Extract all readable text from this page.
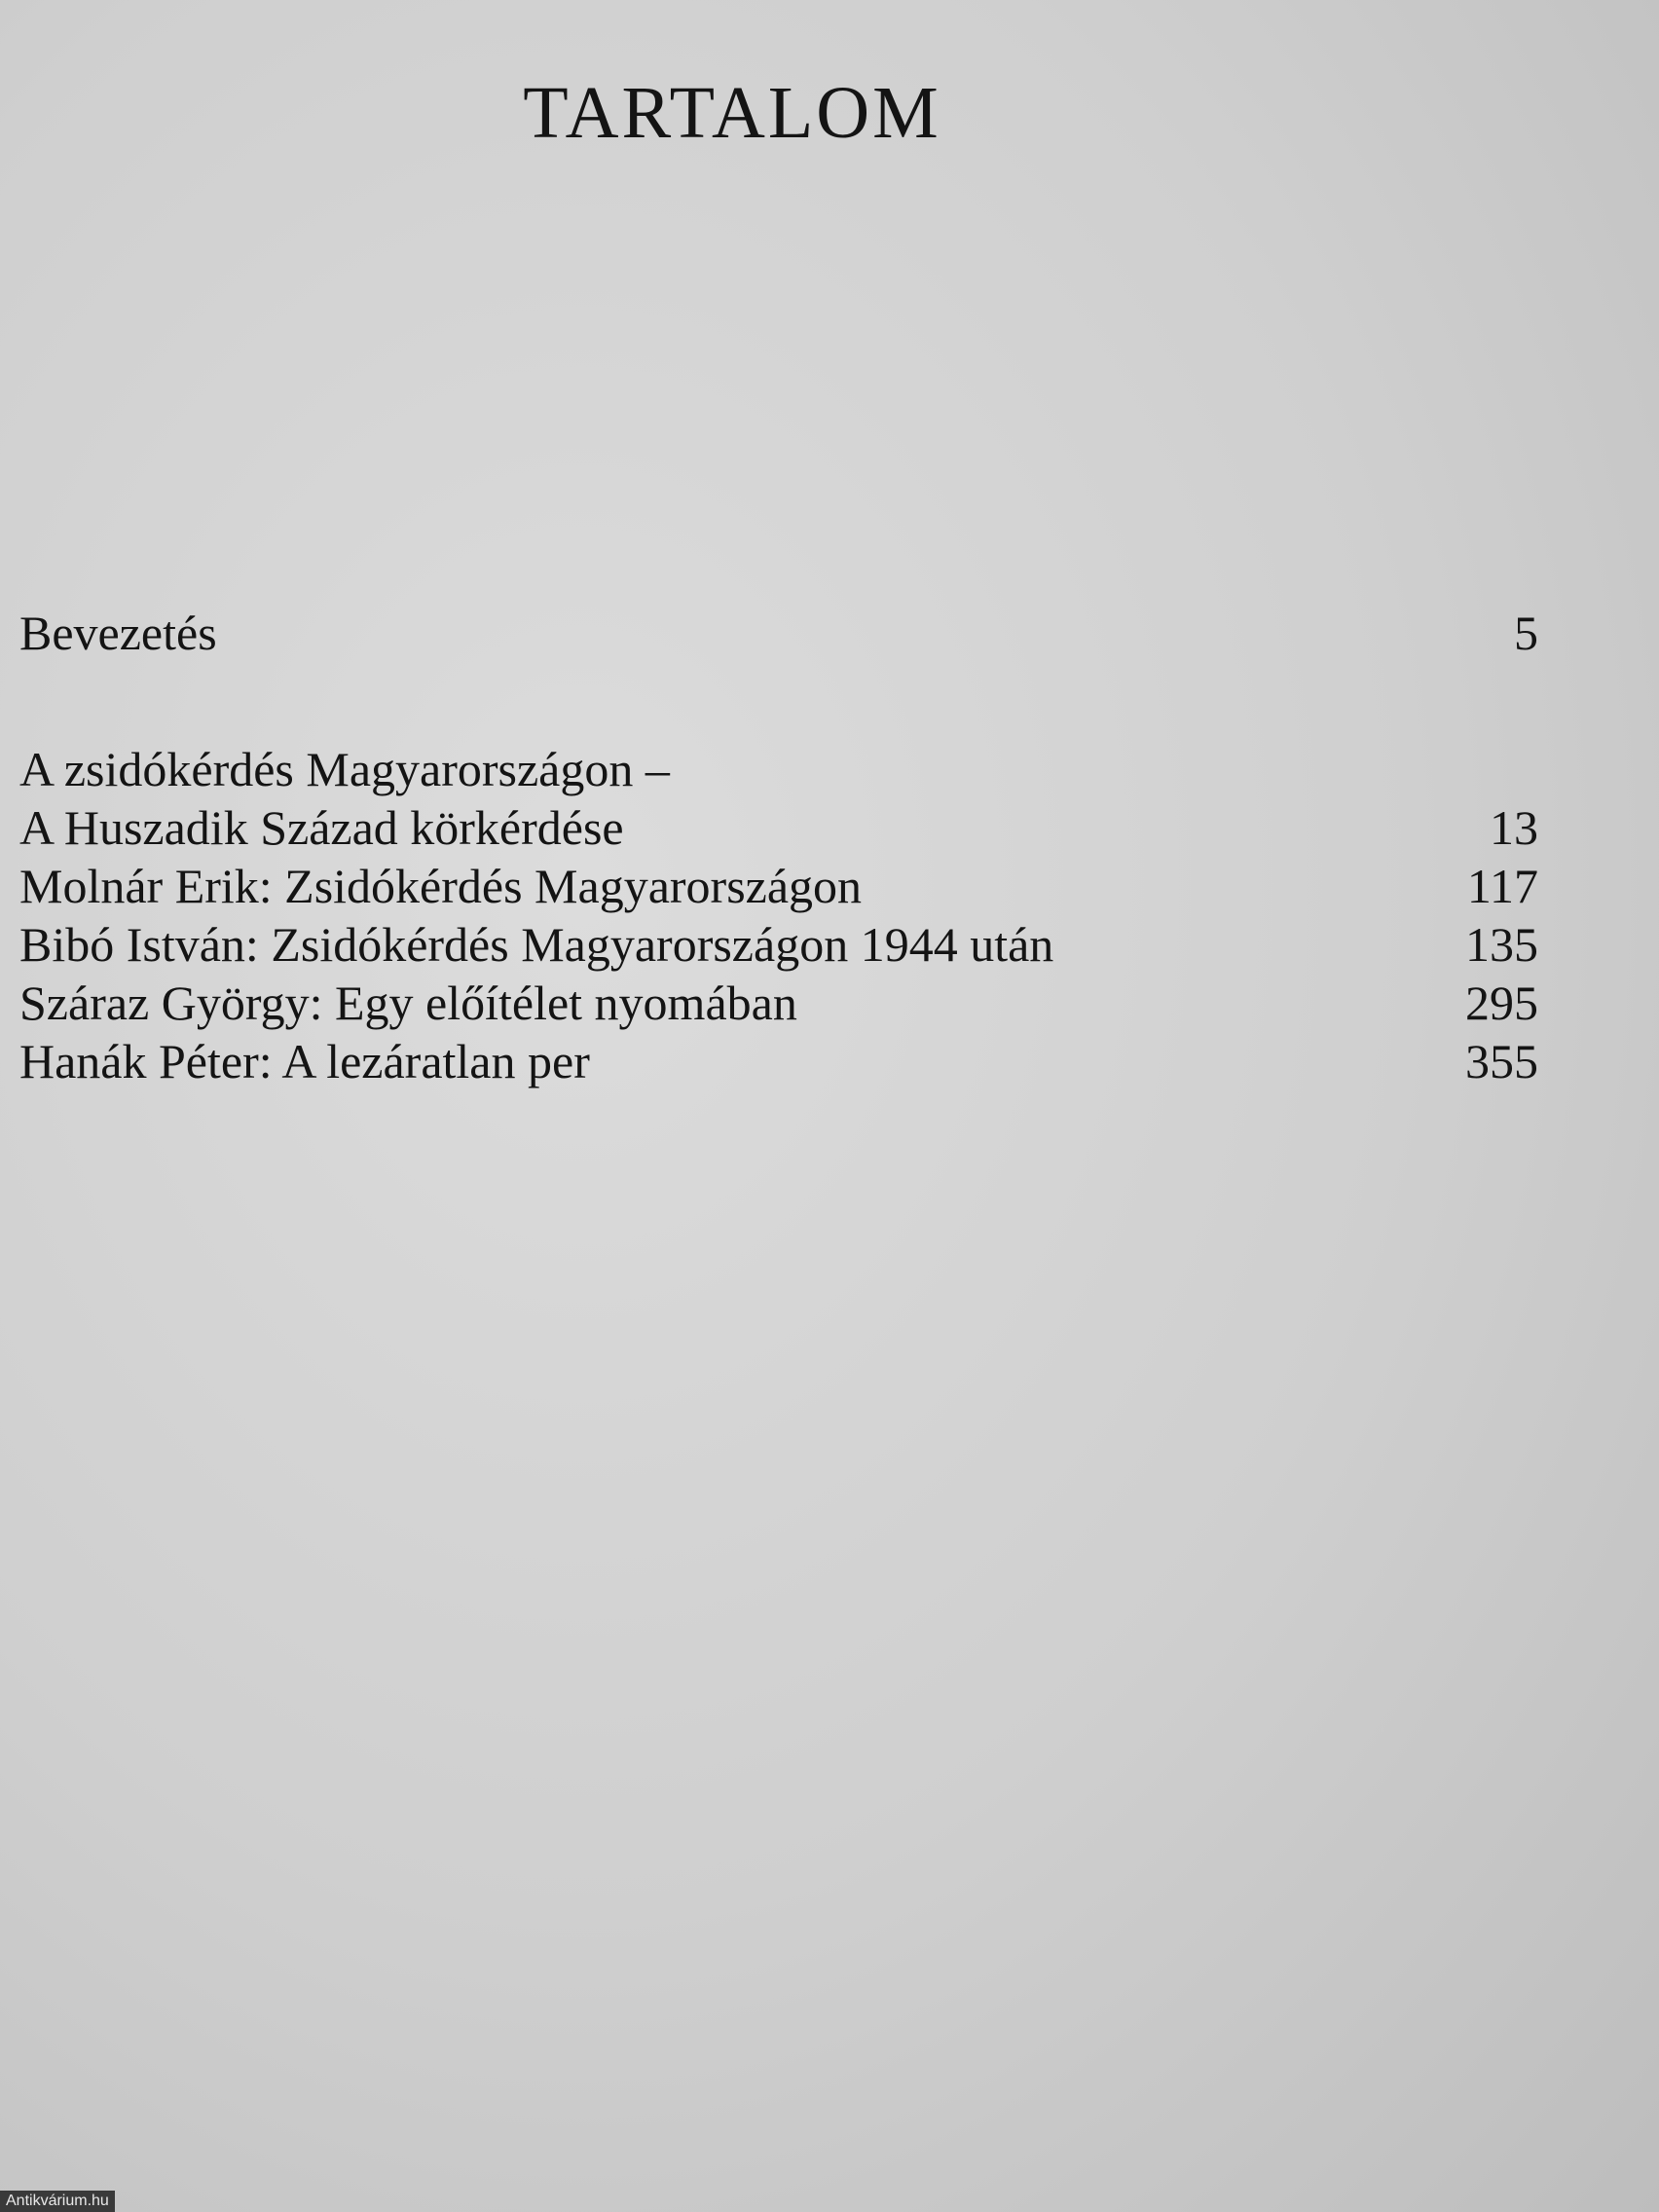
TARTALOM
Bevezetés	5
A zsidókérdés Magyarországon –
A Huszadik Század körkérdése	13
Molnár Erik: Zsidókérdés Magyarországon	117
Bibó István: Zsidókérdés Magyarországon 1944 után	135
Száraz György: Egy előítélet nyomában	295
Hanák Péter: A lezáratlan per	355
Antikvárium.hu
